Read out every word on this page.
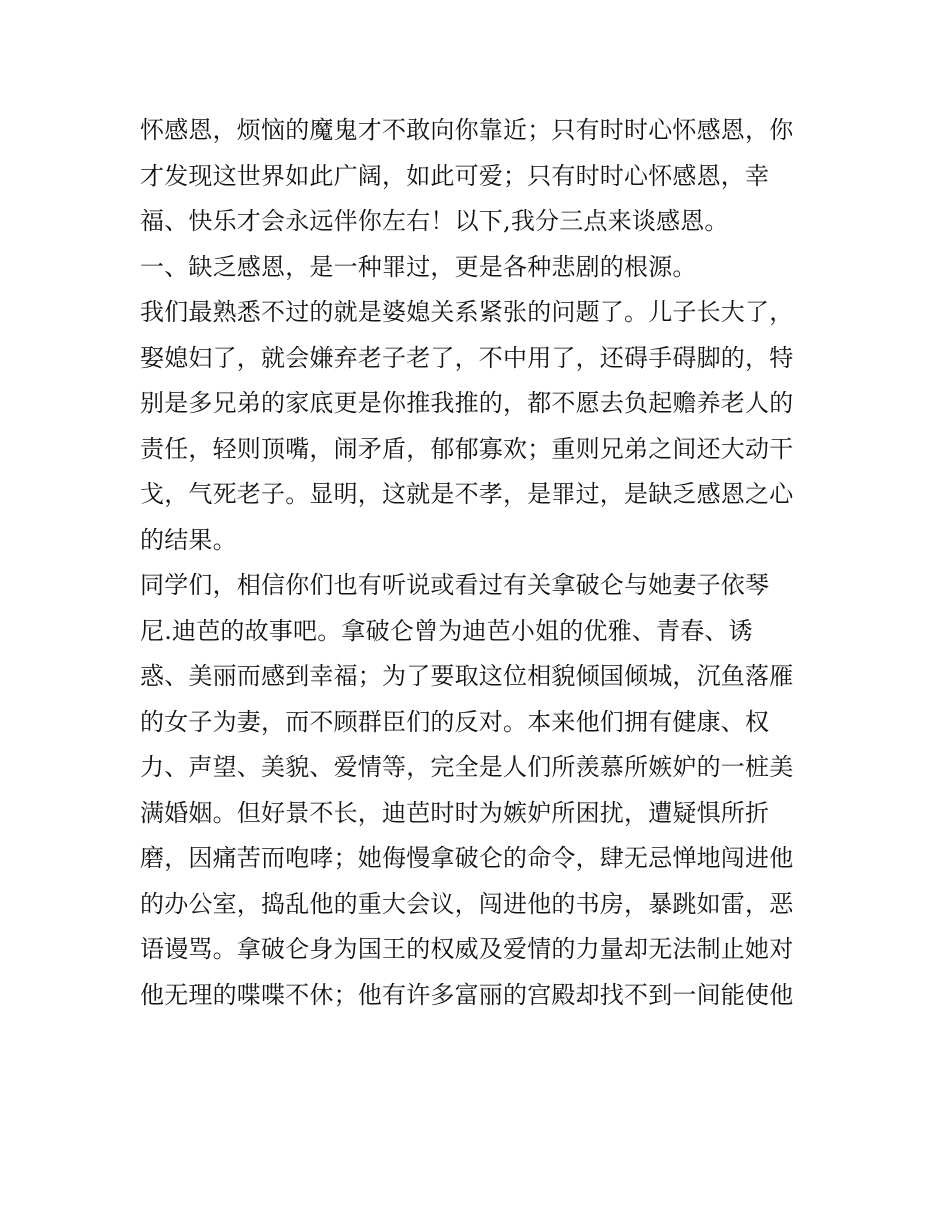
怀感恩，烦恼的魔鬼才不敢向你靠近；只有时时心怀感恩，你
才发现这世界如此广阔，如此可爱；只有时时心怀感恩，幸
福、快乐才会永远伴你左右！以下,我分三点来谈感恩。
一、缺乏感恩，是一种罪过，更是各种悲剧的根源。
我们最熟悉不过的就是婆媳关系紧张的问题了。儿子长大了，
娶媳妇了，就会嫌弃老子老了，不中用了，还碍手碍脚的，特
别是多兄弟的家底更是你推我推的，都不愿去负起赡养老人的
责任，轻则顶嘴，闹矛盾，郁郁寡欢；重则兄弟之间还大动干
戈，气死老子。显明，这就是不孝，是罪过，是缺乏感恩之心
的结果。
同学们，相信你们也有听说或看过有关拿破仑与她妻子依琴
尼.迪芭的故事吧。拿破仑曾为迪芭小姐的优雅、青春、诱
惑、美丽而感到幸福；为了要取这位相貌倾国倾城，沉鱼落雁
的女子为妻，而不顾群臣们的反对。本来他们拥有健康、权
力、声望、美貌、爱情等，完全是人们所羡慕所嫉妒的一桩美
满婚姻。但好景不长，迪芭时时为嫉妒所困扰，遭疑惧所折
磨，因痛苦而咆哮；她侮慢拿破仑的命令，肆无忌惮地闯进他
的办公室，捣乱他的重大会议，闯进他的书房，暴跳如雷，恶
语谩骂。拿破仑身为国王的权威及爱情的力量却无法制止她对
他无理的喋喋不休；他有许多富丽的宫殿却找不到一间能使他
